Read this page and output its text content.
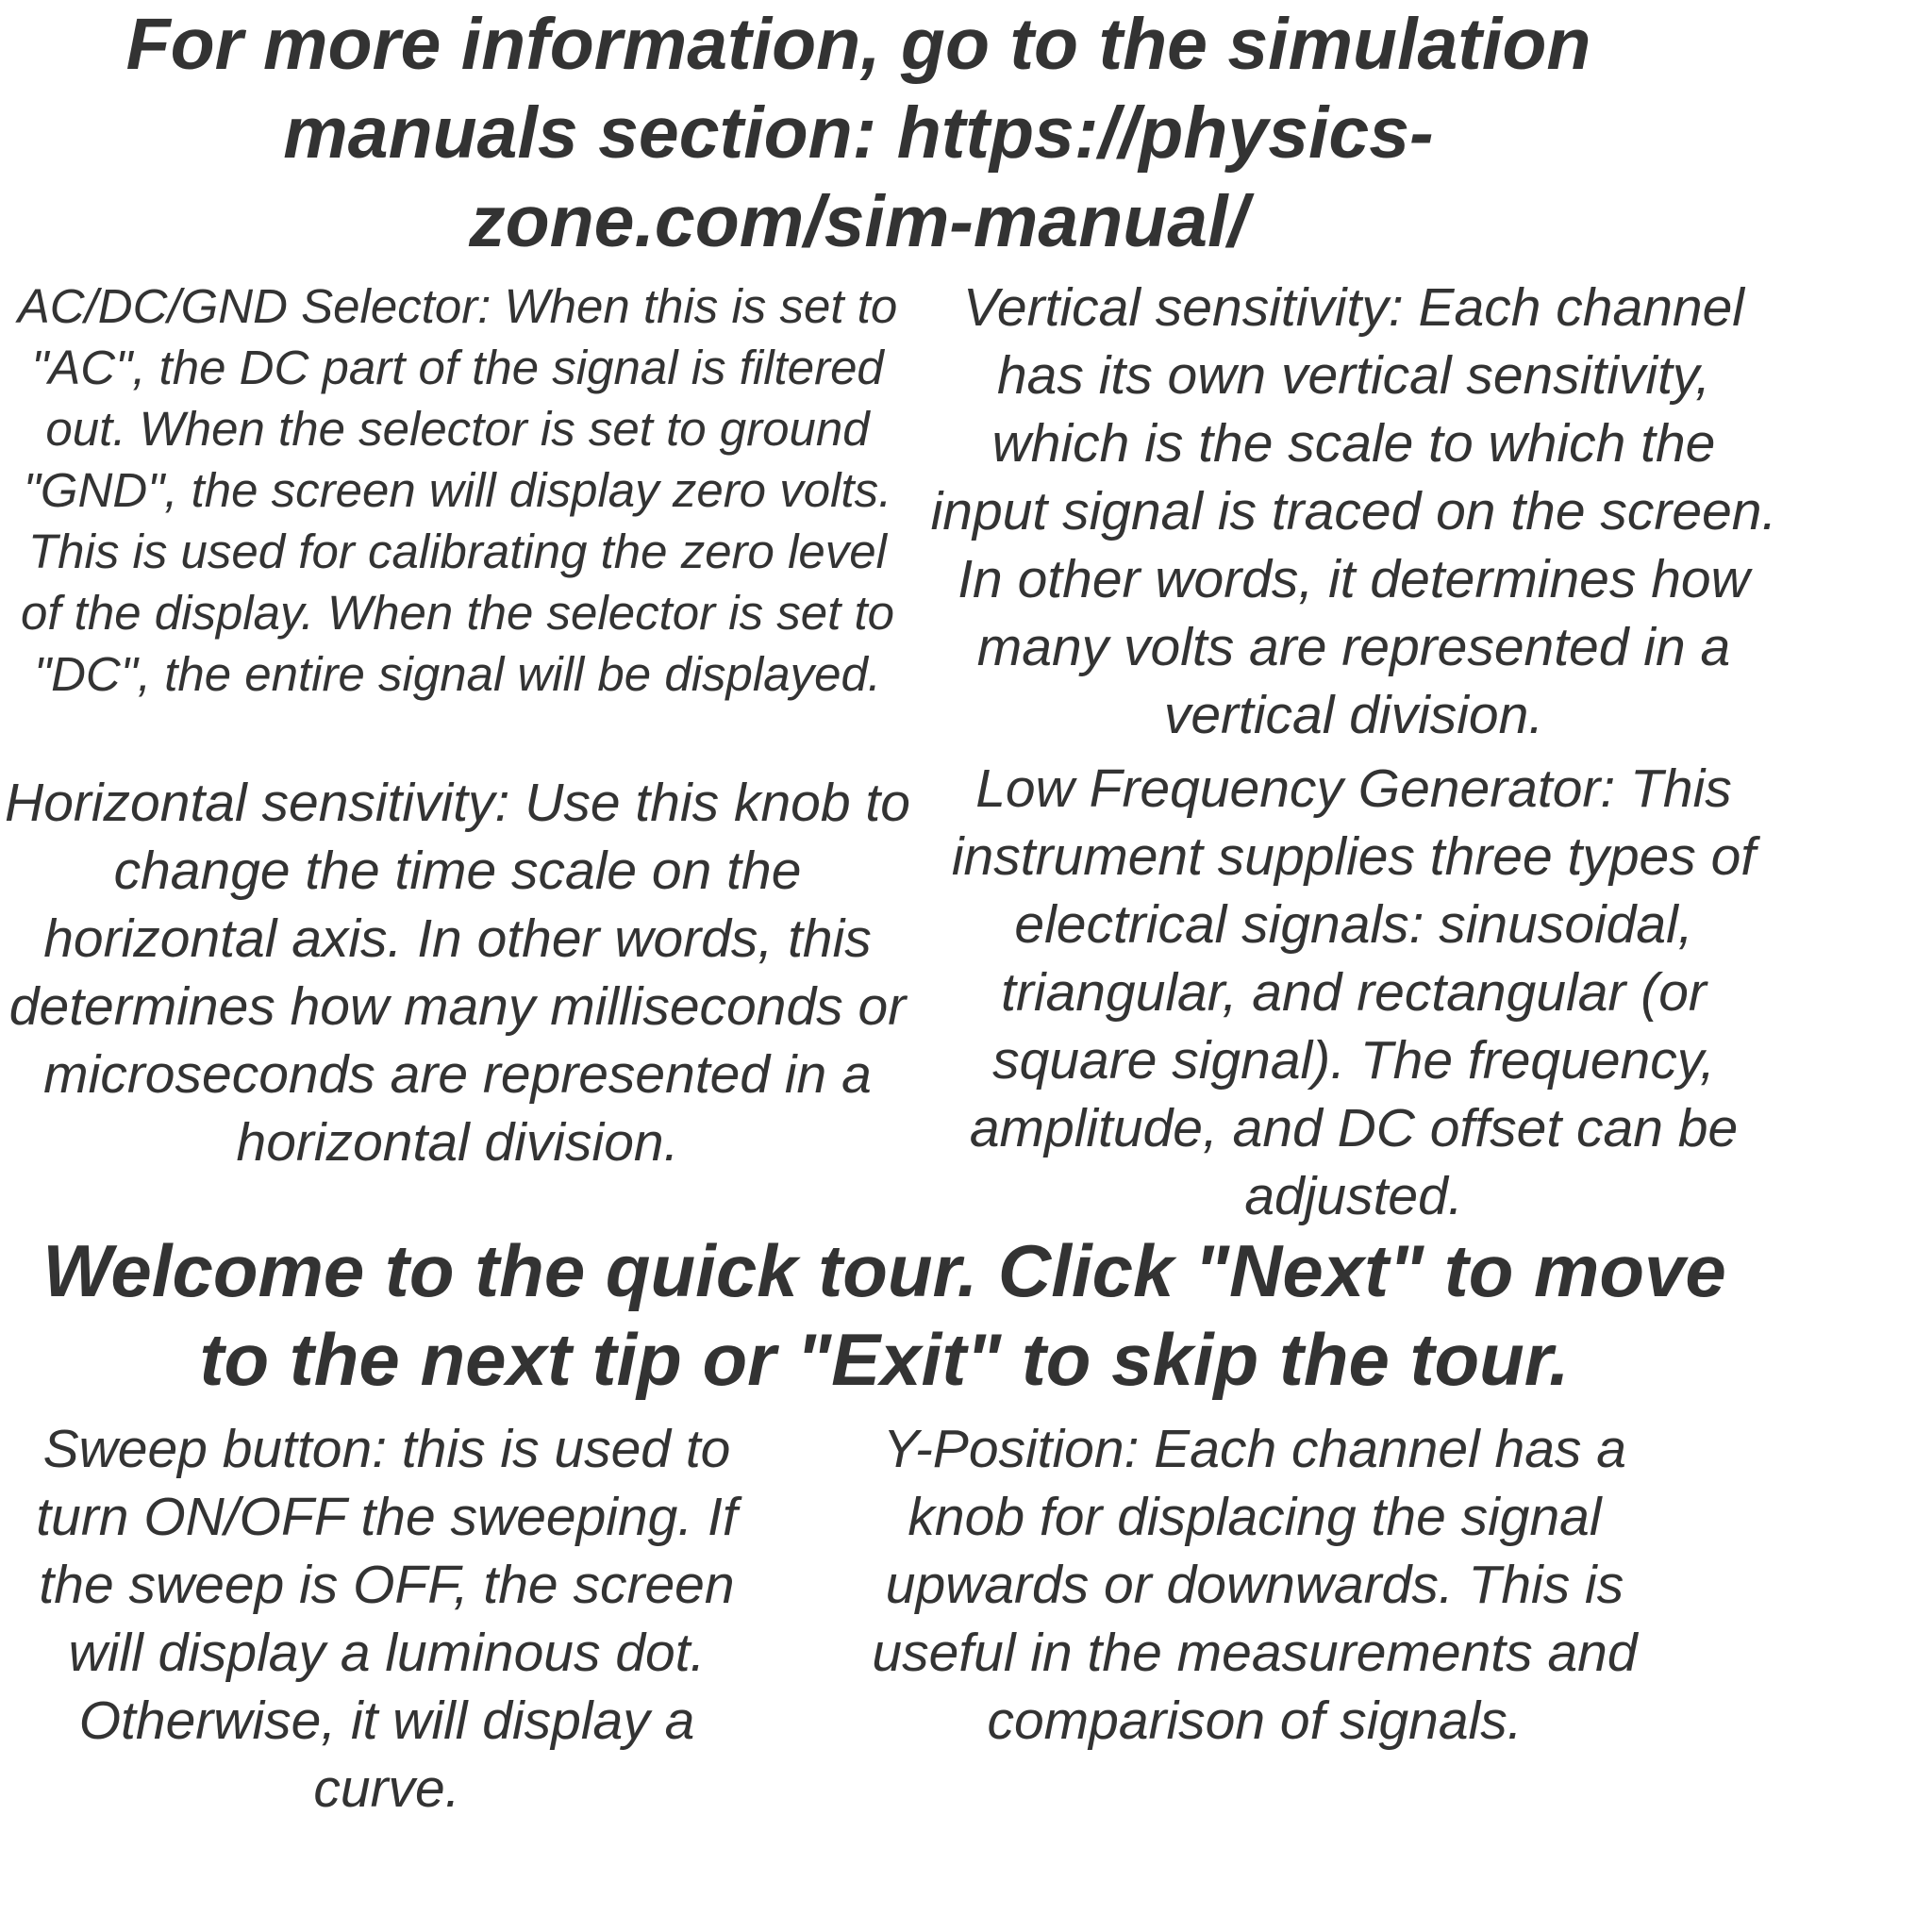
For more information, go to the simulation manuals section: https://physics-zone.com/sim-manual/
AC/DC/GND Selector: When this is set to "AC", the DC part of the signal is filtered out. When the selector is set to ground "GND", the screen will display zero volts. This is used for calibrating the zero level of the display. When the selector is set to "DC", the entire signal will be displayed.
Vertical sensitivity: Each channel has its own vertical sensitivity, which is the scale to which the input signal is traced on the screen. In other words, it determines how many volts are represented in a vertical division.
Horizontal sensitivity: Use this knob to change the time scale on the horizontal axis. In other words, this determines how many milliseconds or microseconds are represented in a horizontal division.
Low Frequency Generator: This instrument supplies three types of electrical signals: sinusoidal, triangular, and rectangular (or square signal). The frequency, amplitude, and DC offset can be adjusted.
Welcome to the quick tour. Click "Next" to move to the next tip or "Exit" to skip the tour.
Sweep button: this is used to turn ON/OFF the sweeping. If the sweep is OFF, the screen will display a luminous dot. Otherwise, it will display a curve.
Y-Position: Each channel has a knob for displacing the signal upwards or downwards. This is useful in the measurements and comparison of signals.
